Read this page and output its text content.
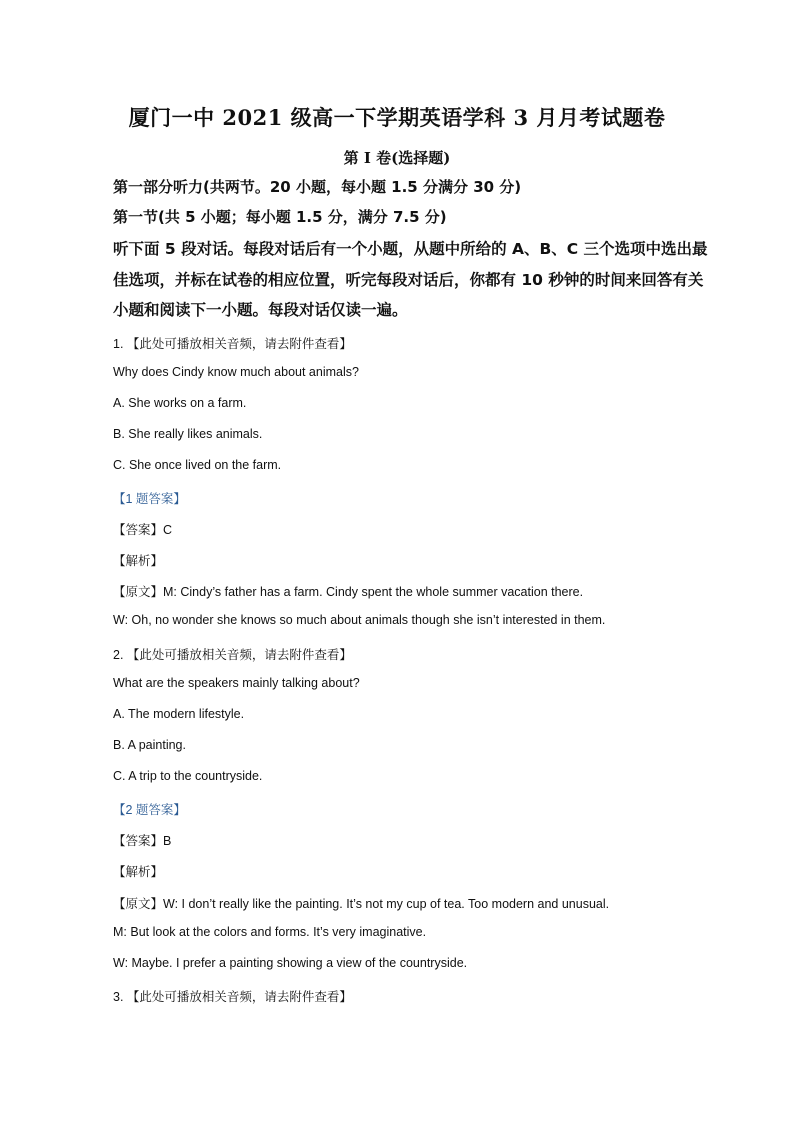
厦门一中 2021 级高一下学期英语学科 3 月月考试题卷
第 I 卷(选择题)
第一部分听力(共两节。20 小题，每小题 1.5 分满分 30 分)
第一节(共 5 小题；每小题 1.5 分，满分 7.5 分)
听下面 5 段对话。每段对话后有一个小题，从题中所给的 A、B、C 三个选项中选出最佳选项，并标在试卷的相应位置，听完每段对话后，你都有 10 秒钟的时间来回答有关小题和阅读下一小题。每段对话仅读一遍。
1. 【此处可播放相关音频，请去附件查看】
Why does Cindy know much about animals?
A. She works on a farm.
B. She really likes animals.
C. She once lived on the farm.
【1 题答案】
【答案】C
【解析】
【原文】M: Cindy’s father has a farm. Cindy spent the whole summer vacation there.
W: Oh, no wonder she knows so much about animals though she isn’t interested in them.
2. 【此处可播放相关音频，请去附件查看】
What are the speakers mainly talking about?
A. The modern lifestyle.
B. A painting.
C. A trip to the countryside.
【2 题答案】
【答案】B
【解析】
【原文】W: I don’t really like the painting. It’s not my cup of tea. Too modern and unusual.
M: But look at the colors and forms. It’s very imaginative.
W: Maybe. I prefer a painting showing a view of the countryside.
3. 【此处可播放相关音频，请去附件查看】
